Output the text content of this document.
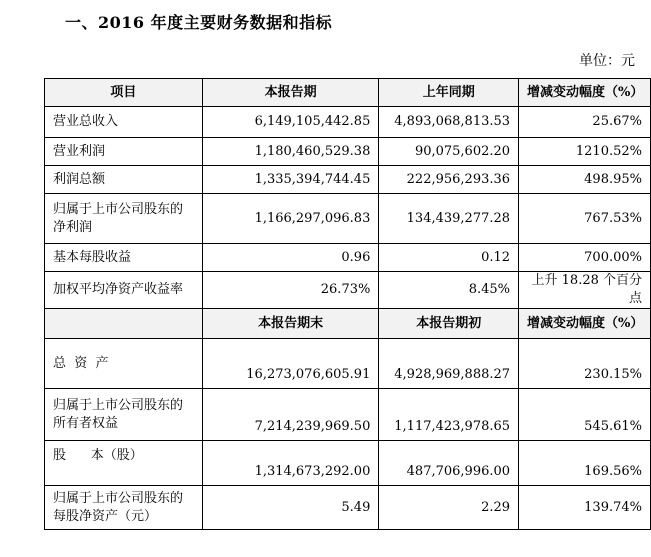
一、2016 年度主要财务数据和指标
单位：元
项目	本报告期	上年同期	增减变动幅度（%）
营业总收入	6,149,105,442.85	4,893,068,813.53	25.67%
营业利润	1,180,460,529.38	90,075,602.20	1210.52%
利润总额	1,335,394,744.45	222,956,293.36	498.95%

归属于上市公司股东的
净利润	1,166,297,096.83	134,439,277.28	767.53%
基本每股收益	0.96	0.12	700.00%
加权平均净资产收益率	26.73%	8.45%	上升 18.28 个百分点
	本报告期末	本报告期初	增减变动幅度（%）
总  资  产	16,273,076,605.91	4,928,969,888.27	230.15%

归属于上市公司股东的
所有者权益	7,214,239,969.50	1,117,423,978.65	545.61%
股      本（股）	1,314,673,292.00	487,706,996.00	169.56%

归属于上市公司股东的
每股净资产（元）	5.49	2.29	139.74%
